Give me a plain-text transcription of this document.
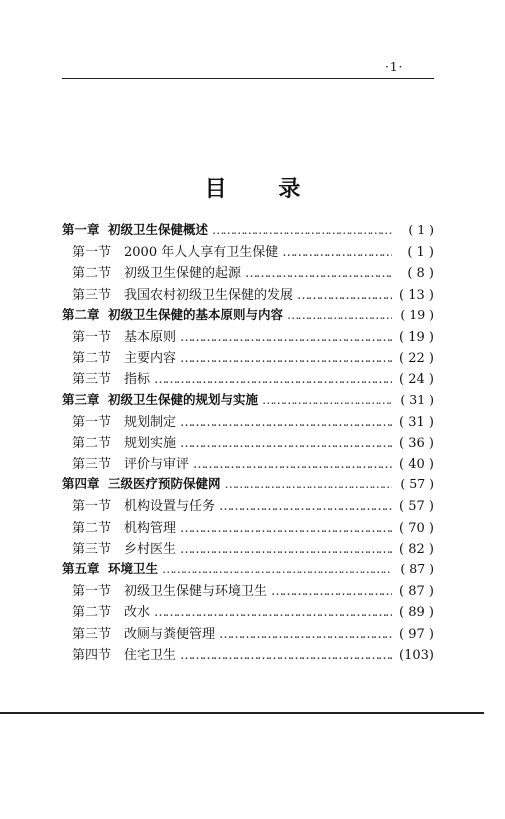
·1·
目 录
第一章 初级卫生保健概述 ……………………………………………………………………………………………………………………………………	( 1 )
第一节 2000 年人人享有卫生保健 ……………………………………………………………………………………………………………………………………	( 1 )
第二节 初级卫生保健的起源 ……………………………………………………………………………………………………………………………………	( 8 )
第三节 我国农村初级卫生保健的发展 ……………………………………………………………………………………………………………………………………	( 13 )
第二章 初级卫生保健的基本原则与内容 ……………………………………………………………………………………………………………………………………	( 19 )
第一节 基本原则 ……………………………………………………………………………………………………………………………………	( 19 )
第二节 主要内容 ……………………………………………………………………………………………………………………………………	( 22 )
第三节 指标 ……………………………………………………………………………………………………………………………………	( 24 )
第三章 初级卫生保健的规划与实施 ……………………………………………………………………………………………………………………………………	( 31 )
第一节 规划制定 ……………………………………………………………………………………………………………………………………	( 31 )
第二节 规划实施 ……………………………………………………………………………………………………………………………………	( 36 )
第三节 评价与审评 ……………………………………………………………………………………………………………………………………	( 40 )
第四章 三级医疗预防保健网 ……………………………………………………………………………………………………………………………………	( 57 )
第一节 机构设置与任务 ……………………………………………………………………………………………………………………………………	( 57 )
第二节 机构管理 ……………………………………………………………………………………………………………………………………	( 70 )
第三节 乡村医生 ……………………………………………………………………………………………………………………………………	( 82 )
第五章 环境卫生 ……………………………………………………………………………………………………………………………………	( 87 )
第一节 初级卫生保健与环境卫生 ……………………………………………………………………………………………………………………………………	( 87 )
第二节 改水 ……………………………………………………………………………………………………………………………………	( 89 )
第三节 改厕与粪便管理 ……………………………………………………………………………………………………………………………………	( 97 )
第四节 住宅卫生 ……………………………………………………………………………………………………………………………………	(103)
